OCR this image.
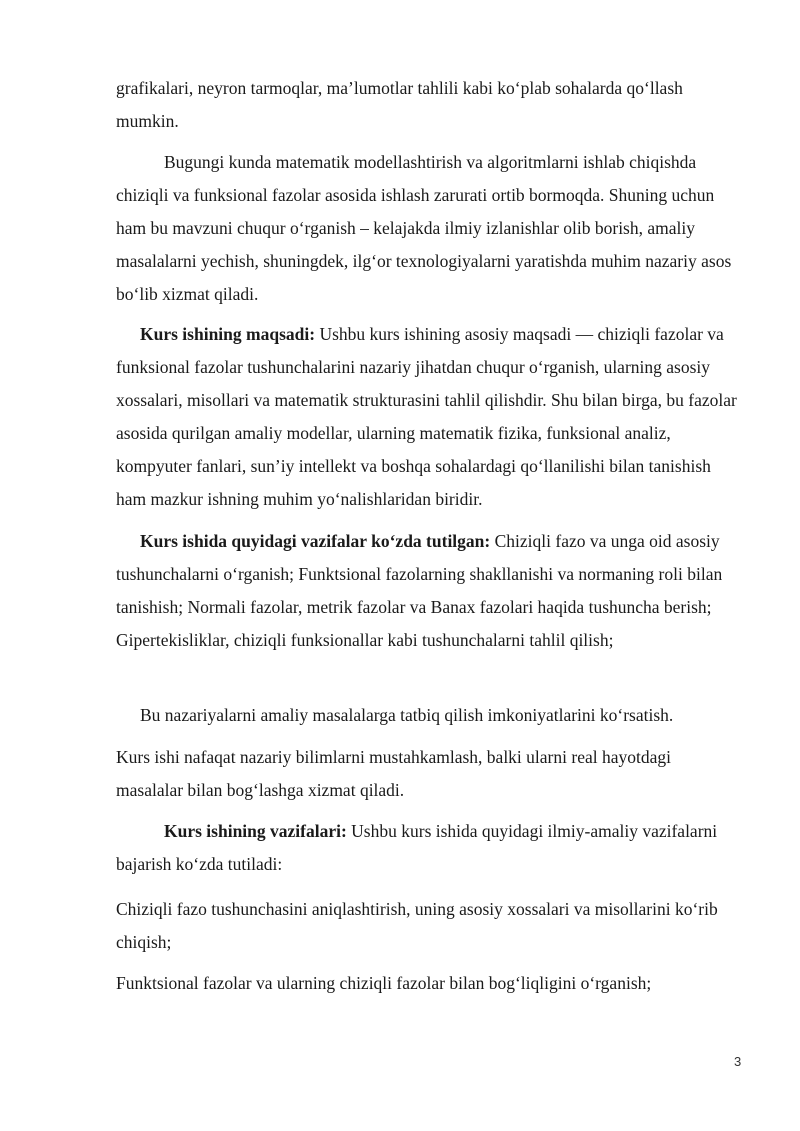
grafikalari, neyron tarmoqlar, ma’lumotlar tahlili kabi ko‘plab sohalarda qo‘llash mumkin.

Bugungi kunda matematik modellashtirish va algoritmlarni ishlab chiqishda chiziqli va funksional fazolar asosida ishlash zarurati ortib bormoqda. Shuning uchun ham bu mavzuni chuqur o‘rganish – kelajakda ilmiy izlanishlar olib borish, amaliy masalalarni yechish, shuningdek, ilg‘or texnologiyalarni yaratishda muhim nazariy asos bo‘lib xizmat qiladi.

Kurs ishining maqsadi: Ushbu kurs ishining asosiy maqsadi — chiziqli fazolar va funksional fazolar tushunchalarini nazariy jihatdan chuqur o‘rganish, ularning asosiy xossalari, misollari va matematik strukturasini tahlil qilishdir. Shu bilan birga, bu fazolar asosida qurilgan amaliy modellar, ularning matematik fizika, funksional analiz, kompyuter fanlari, sun’iy intellekt va boshqa sohalardagi qo‘llanilishi bilan tanishish ham mazkur ishning muhim yo‘nalishlaridan biridir.

Kurs ishida quyidagi vazifalar ko‘zda tutilgan: Chiziqli fazo va unga oid asosiy tushunchalarni o‘rganish; Funktsional fazolarning shakllanishi va normaning roli bilan tanishish; Normali fazolar, metrik fazolar va Banax fazolari haqida tushuncha berish; Gipertekisliklar, chiziqli funksionallar kabi tushunchalarni tahlil qilish;

Bu nazariyalarni amaliy masalalarga tatbiq qilish imkoniyatlarini ko‘rsatish.

Kurs ishi nafaqat nazariy bilimlarni mustahkamlash, balki ularni real hayotdagi masalalar bilan bog‘lashga xizmat qiladi.

Kurs ishining vazifalari: Ushbu kurs ishida quyidagi ilmiy-amaliy vazifalarni bajarish ko‘zda tutiladi:

Chiziqli fazo tushunchasini aniqlashtirish, uning asosiy xossalari va misollarini ko‘rib chiqish;

Funktsional fazolar va ularning chiziqli fazolar bilan bog‘liqligini o‘rganish;

3
